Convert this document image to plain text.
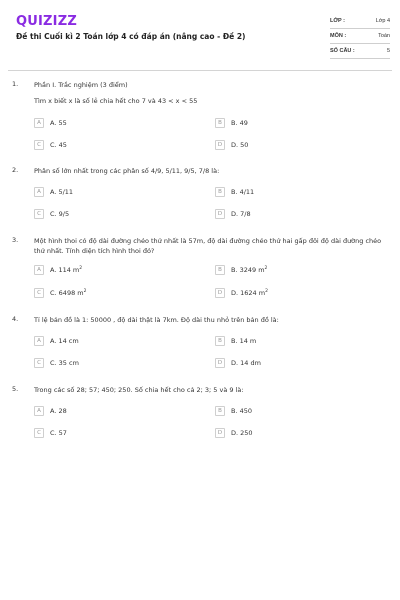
QUIZIZZ
Đề thi Cuối kì 2 Toán lớp 4 có đáp án (nâng cao - Đề 2)
LỚP :	Lớp 4
MÔN :	Toán
SỐ CÂU :	5
1. Phần I. Trắc nghiệm (3 điểm)
Tìm x biết x là số lẻ chia hết cho 7 và 43 < x < 55
A	A. 55	B	B. 49
C	C. 45	D	D. 50
2. Phân số lớn nhất trong các phân số 4/9, 5/11, 9/5, 7/8 là:
A	A. 5/11	B	B. 4/11
C	C. 9/5	D	D. 7/8
3. Một hình thoi có độ dài đường chéo thứ nhất là 57m, độ dài đường chéo thứ hai gấp đôi độ dài đường chéo thứ nhất. Tính diện tích hình thoi đó?
A	A. 114 $m^2$	B	B. 3249 $m^2$
C	C. 6498 $m^2$	D	D. 1624 $m^2$
4. Tỉ lệ bản đồ là 1: 50000 , độ dài thật là 7km. Độ dài thu nhỏ trên bản đồ là:
A	A. 14 cm	B	B. 14 m
C	C. 35 cm	D	D. 14 dm
5. Trong các số 28; 57; 450; 250. Số chia hết cho cả 2; 3; 5 và 9 là:
A	A. 28	B	B. 450
C	C. 57	D	D. 250
